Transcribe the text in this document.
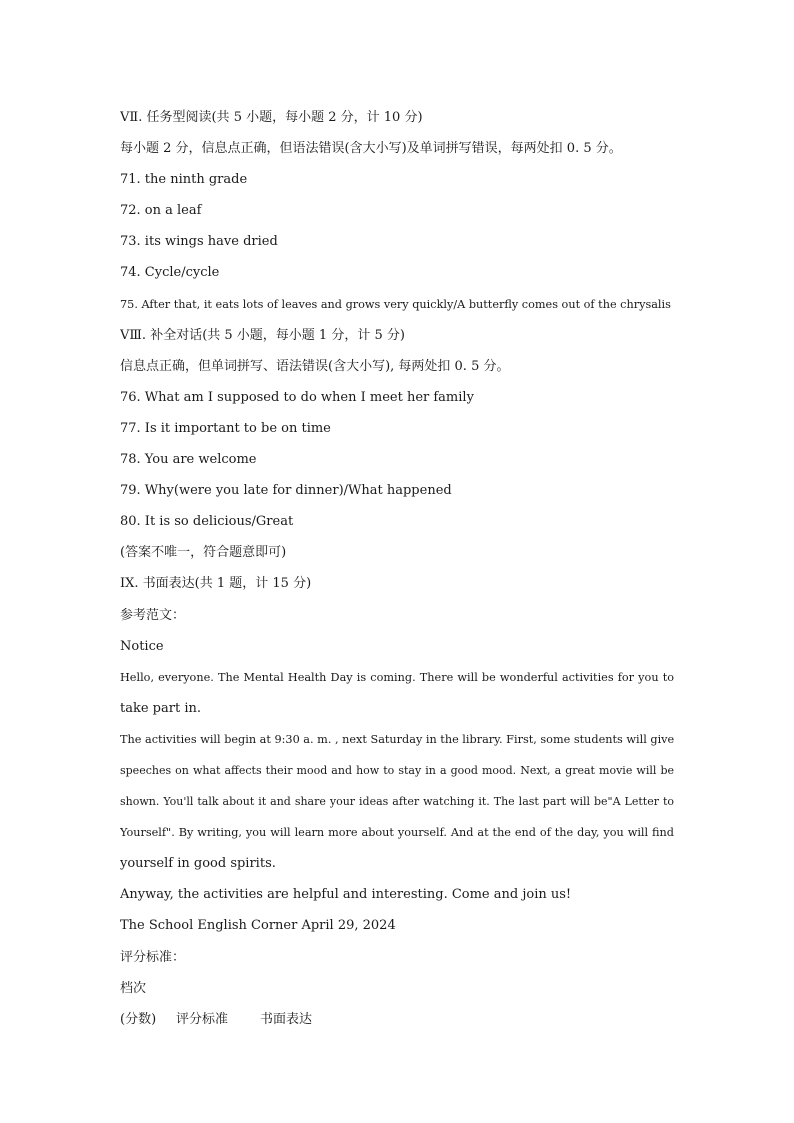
VⅡ. 任务型阅读(共 5 小题，每小题 2 分，计 10 分)
每小题 2 分，信息点正确，但语法错误(含大小写)及单词拼写错误，每两处扣 0. 5 分。
71. the ninth grade
72. on a leaf
73. its wings have dried
74. Cycle/cycle
75. After that, it eats lots of leaves and grows very quickly/A butterfly comes out of the chrysalis
VⅢ. 补全对话(共 5 小题，每小题 1 分，计 5 分)
信息点正确，但单词拼写、语法错误(含大小写), 每两处扣 0. 5 分。
76. What am I supposed to do when I meet her family
77. Is it important to be on time
78. You are welcome
79. Why(were you late for dinner)/What happened
80. It is so delicious/Great
(答案不唯一，符合题意即可)
IX. 书面表达(共 1 题，计 15 分)
参考范文：
Notice
Hello, everyone. The Mental Health Day is coming. There will be wonderful activities for you to
take part in.
The activities will begin at 9:30 a. m. , next Saturday in the library. First, some students will give
speeches on what affects their mood and how to stay in a good mood. Next, a great movie will be
shown. You'll talk about it and share your ideas after watching it. The last part will be"A Letter to
Yourself". By writing, you will learn more about yourself. And at the end of the day, you will find
yourself in good spirits.
Anyway, the activities are helpful and interesting. Come and join us!
The School English Corner April 29, 2024
评分标准：
档次
(分数) 评分标准 书面表达
